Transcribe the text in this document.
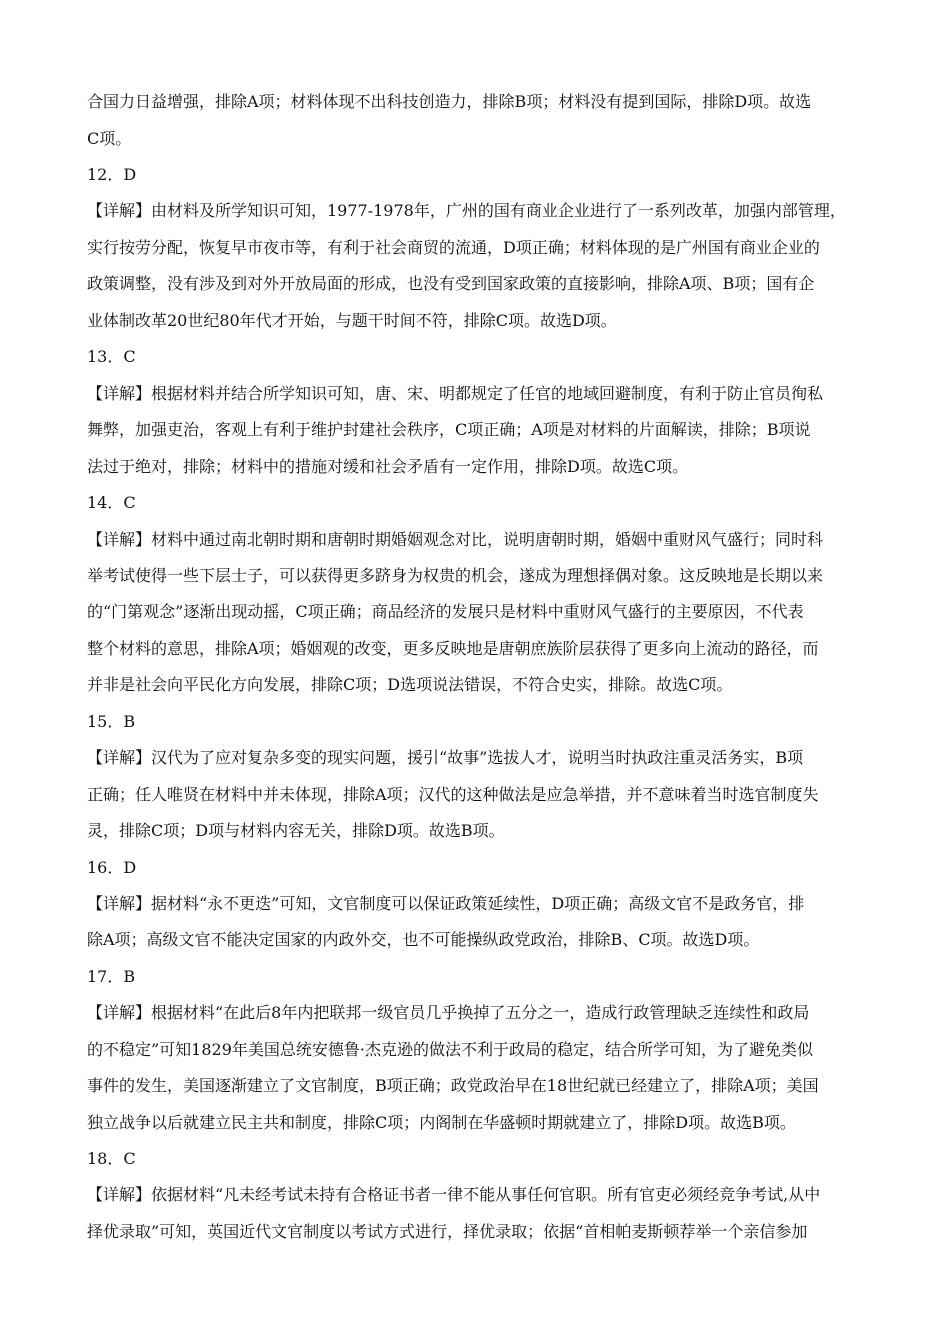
合国力日益增强，排除A项；材料体现不出科技创造力，排除B项；材料没有提到国际，排除D项。故选
C项。
12．D
【详解】由材料及所学知识可知，1977-1978年，广州的国有商业企业进行了一系列改革，加强内部管理，
实行按劳分配，恢复早市夜市等，有利于社会商贸的流通，D项正确；材料体现的是广州国有商业企业的
政策调整，没有涉及到对外开放局面的形成，也没有受到国家政策的直接影响，排除A项、B项；国有企
业体制改革20世纪80年代才开始，与题干时间不符，排除C项。故选D项。
13．C
【详解】根据材料并结合所学知识可知，唐、宋、明都规定了任官的地域回避制度，有利于防止官员徇私
舞弊，加强吏治，客观上有利于维护封建社会秩序，C项正确；A项是对材料的片面解读，排除；B项说
法过于绝对，排除；材料中的措施对缓和社会矛盾有一定作用，排除D项。故选C项。
14．C
【详解】材料中通过南北朝时期和唐朝时期婚姻观念对比，说明唐朝时期，婚姻中重财风气盛行；同时科
举考试使得一些下层士子，可以获得更多跻身为权贵的机会，遂成为理想择偶对象。这反映地是长期以来
的“门第观念”逐渐出现动摇，C项正确；商品经济的发展只是材料中重财风气盛行的主要原因，不代表
整个材料的意思，排除A项；婚姻观的改变，更多反映地是唐朝庶族阶层获得了更多向上流动的路径，而
并非是社会向平民化方向发展，排除C项；D选项说法错误，不符合史实，排除。故选C项。
15．B
【详解】汉代为了应对复杂多变的现实问题，援引“故事”选拔人才，说明当时执政注重灵活务实，B项
正确；任人唯贤在材料中并未体现，排除A项；汉代的这种做法是应急举措，并不意味着当时选官制度失
灵，排除C项；D项与材料内容无关，排除D项。故选B项。
16．D
【详解】据材料“永不更迭”可知，文官制度可以保证政策延续性，D项正确；高级文官不是政务官，排
除A项；高级文官不能决定国家的内政外交，也不可能操纵政党政治，排除B、C项。故选D项。
17．B
【详解】根据材料“在此后8年内把联邦一级官员几乎换掉了五分之一，造成行政管理缺乏连续性和政局
的不稳定”可知1829年美国总统安德鲁·杰克逊的做法不利于政局的稳定，结合所学可知，为了避免类似
事件的发生，美国逐渐建立了文官制度，B项正确；政党政治早在18世纪就已经建立了，排除A项；美国
独立战争以后就建立民主共和制度，排除C项；内阁制在华盛顿时期就建立了，排除D项。故选B项。
18．C
【详解】依据材料“凡未经考试未持有合格证书者一律不能从事任何官职。所有官吏必须经竞争考试,从中
择优录取”可知，英国近代文官制度以考试方式进行，择优录取；依据“首相帕麦斯顿荐举一个亲信参加
